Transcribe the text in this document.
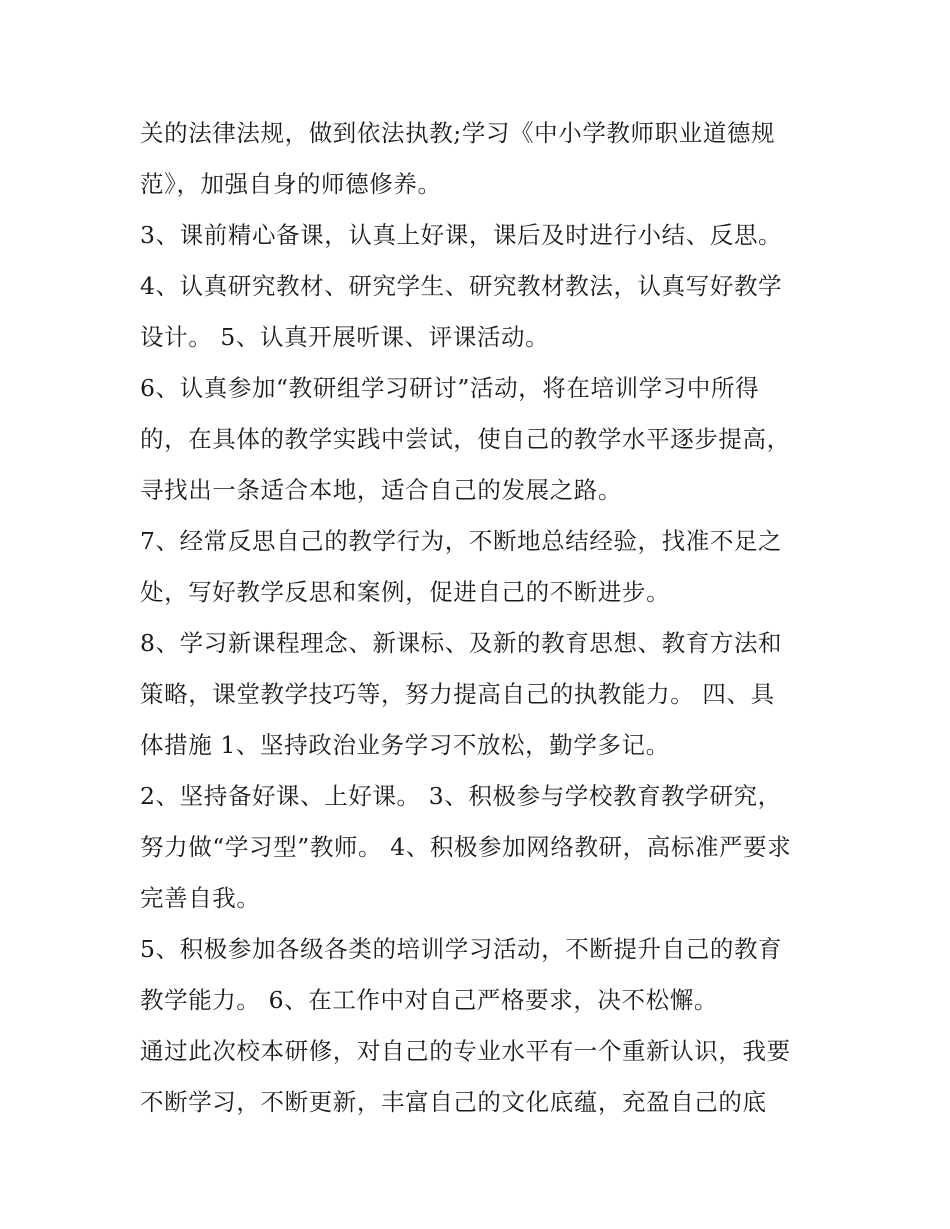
关的法律法规，做到依法执教;学习《中小学教师职业道德规
范》，加强自身的师德修养。
3、课前精心备课，认真上好课，课后及时进行小结、反思。
4、认真研究教材、研究学生、研究教材教法，认真写好教学
设计。 5、认真开展听课、评课活动。
6、认真参加“教研组学习研讨”活动，将在培训学习中所得
的，在具体的教学实践中尝试，使自己的教学水平逐步提高，
寻找出一条适合本地，适合自己的发展之路。
7、经常反思自己的教学行为，不断地总结经验，找准不足之
处，写好教学反思和案例，促进自己的不断进步。
8、学习新课程理念、新课标、及新的教育思想、教育方法和
策略，课堂教学技巧等，努力提高自己的执教能力。 四、具
体措施 1、坚持政治业务学习不放松，勤学多记。
2、坚持备好课、上好课。 3、积极参与学校教育教学研究，
努力做“学习型”教师。 4、积极参加网络教研，高标准严要求
完善自我。
5、积极参加各级各类的培训学习活动，不断提升自己的教育
教学能力。 6、在工作中对自己严格要求，决不松懈。
通过此次校本研修，对自己的专业水平有一个重新认识，我要
不断学习，不断更新，丰富自己的文化底蕴，充盈自己的底
